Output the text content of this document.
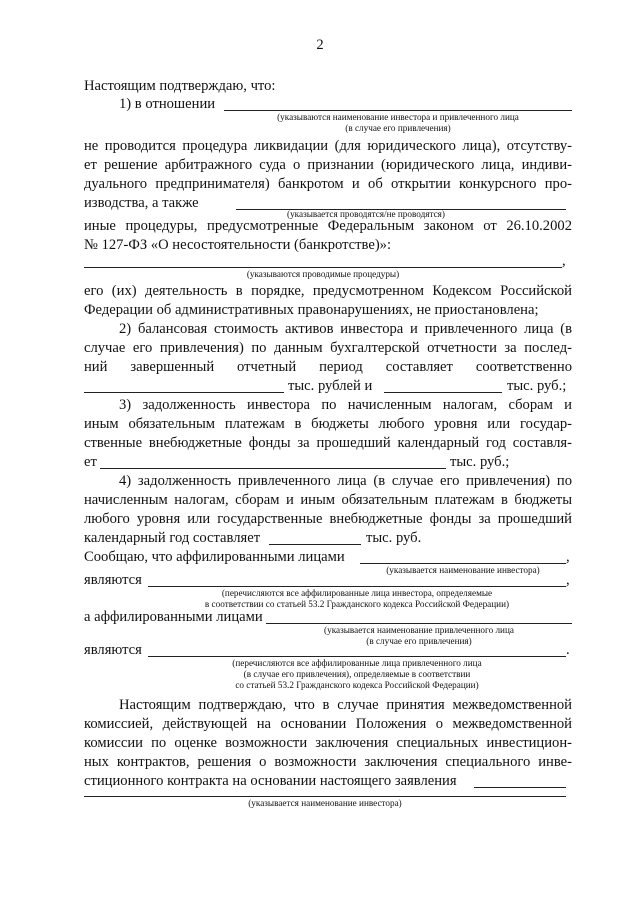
2

Настоящим подтверждаю, что:

1) в отношении

(указываются наименование инвестора и привлеченного лица

(в случае его привлечения)

не проводится процедура ликвидации (для юридического лица), отсутству-

ет решение арбитражного суда о признании (юридического лица, индиви-

дуального предпринимателя) банкротом и об открытии конкурсного про-

изводства, а также

(указывается проводятся/не проводятся)

иные процедуры, предусмотренные Федеральным законом от 26.10.2002

№ 127-ФЗ «О несостоятельности (банкротстве)»:

,

(указываются проводимые процедуры)

его (их) деятельность в порядке, предусмотренном Кодексом Российской

Федерации об административных правонарушениях, не приостановлена;

2) балансовая стоимость активов инвестора и привлеченного лица (в

случае его привлечения) по данным бухгалтерской отчетности за послед-

ний завершенный отчетный период составляет соответственно

тыс. рублей и	тыс. руб.;

3) задолженность инвестора по начисленным налогам, сборам и

иным обязательным платежам в бюджеты любого уровня или государ-

ственные внебюджетные фонды за прошедший календарный год составля-

ет	тыс. руб.;

4) задолженность привлеченного лица (в случае его привлечения) по

начисленным налогам, сборам и иным обязательным платежам в бюджеты

любого уровня или государственные внебюджетные фонды за прошедший

календарный год составляет	тыс. руб.

Сообщаю, что аффилированными лицами	,

(указывается наименование инвестора)

являются	,

(перечисляются все аффилированные лица инвестора, определяемые

в соответствии со статьей 53.2 Гражданского кодекса Российской Федерации)

а аффилированными лицами

(указывается наименование привлеченного лица

(в случае его привлечения)

являются	.

(перечисляются все аффилированные лица привлеченного лица

(в случае его привлечения), определяемые в соответствии

со статьей 53.2 Гражданского кодекса Российской Федерации)

Настоящим подтверждаю, что в случае принятия межведомственной

комиссией, действующей на основании Положения о межведомственной

комиссии по оценке возможности заключения специальных инвестицион-

ных контрактов, решения о возможности заключения специального инве-

стиционного контракта на основании настоящего заявления

(указывается наименование инвестора)
